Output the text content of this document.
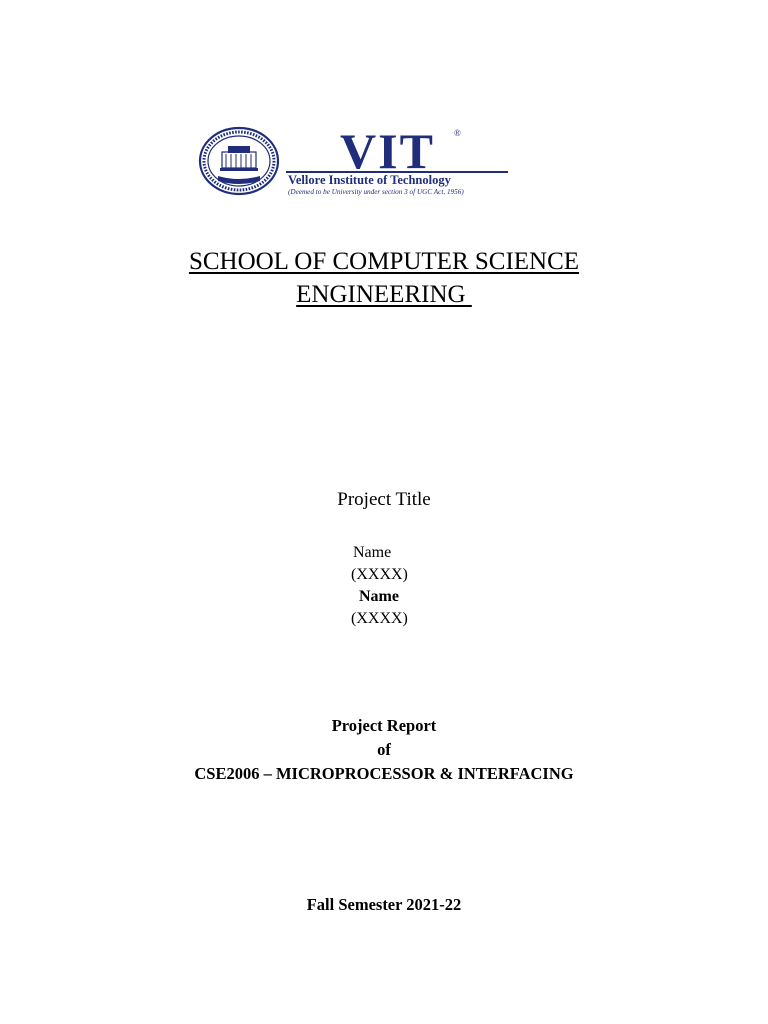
VIT ®
Vellore Institute of Technology
(Deemed to be University under section 3 of UGC Act, 1956)
SCHOOL OF COMPUTER SCIENCE
ENGINEERING
Project Title
Name
(XXXX)
Name
(XXXX)
Project Report
of
CSE2006 – MICROPROCESSOR & INTERFACING
Fall Semester 2021-22
